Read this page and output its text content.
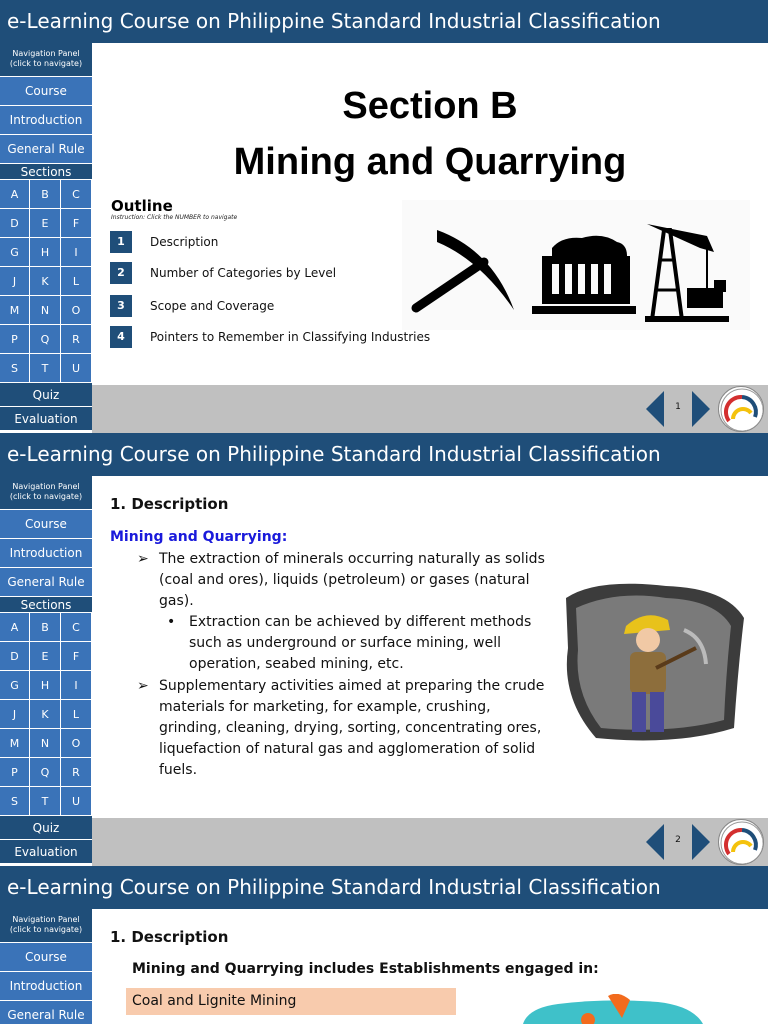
e-Learning Course on Philippine Standard Industrial Classification
Navigation Panel
(click to navigate)
Course
Introduction
General Rule
Sections
A	B	C
D	E	F
G	H	I
J	K	L
M	N	O
P	Q	R
S	T	U
Quiz
Evaluation
Section B
Mining and Quarrying
Outline
Instruction: Click the NUMBER to navigate
1	Description
2	Number of Categories by Level
3	Scope and Coverage
4	Pointers to Remember in Classifying Industries
1
e-Learning Course on Philippine Standard Industrial Classification
Navigation Panel
(click to navigate)
Course
Introduction
General Rule
Sections
A	B	C
D	E	F
G	H	I
J	K	L
M	N	O
P	Q	R
S	T	U
Quiz
Evaluation
1. Description
Mining and Quarrying:
➢ The extraction of minerals occurring naturally as solids (coal and ores), liquids (petroleum) or gases (natural gas).
• Extraction can be achieved by different methods such as underground or surface mining, well operation, seabed mining, etc.
➢ Supplementary activities aimed at preparing the crude materials for marketing, for example, crushing, grinding, cleaning, drying, sorting, concentrating ores, liquefaction of natural gas and agglomeration of solid fuels.
2
e-Learning Course on Philippine Standard Industrial Classification
Navigation Panel
(click to navigate)
Course
Introduction
General Rule
1. Description
Mining and Quarrying includes Establishments engaged in:
Coal and Lignite Mining
